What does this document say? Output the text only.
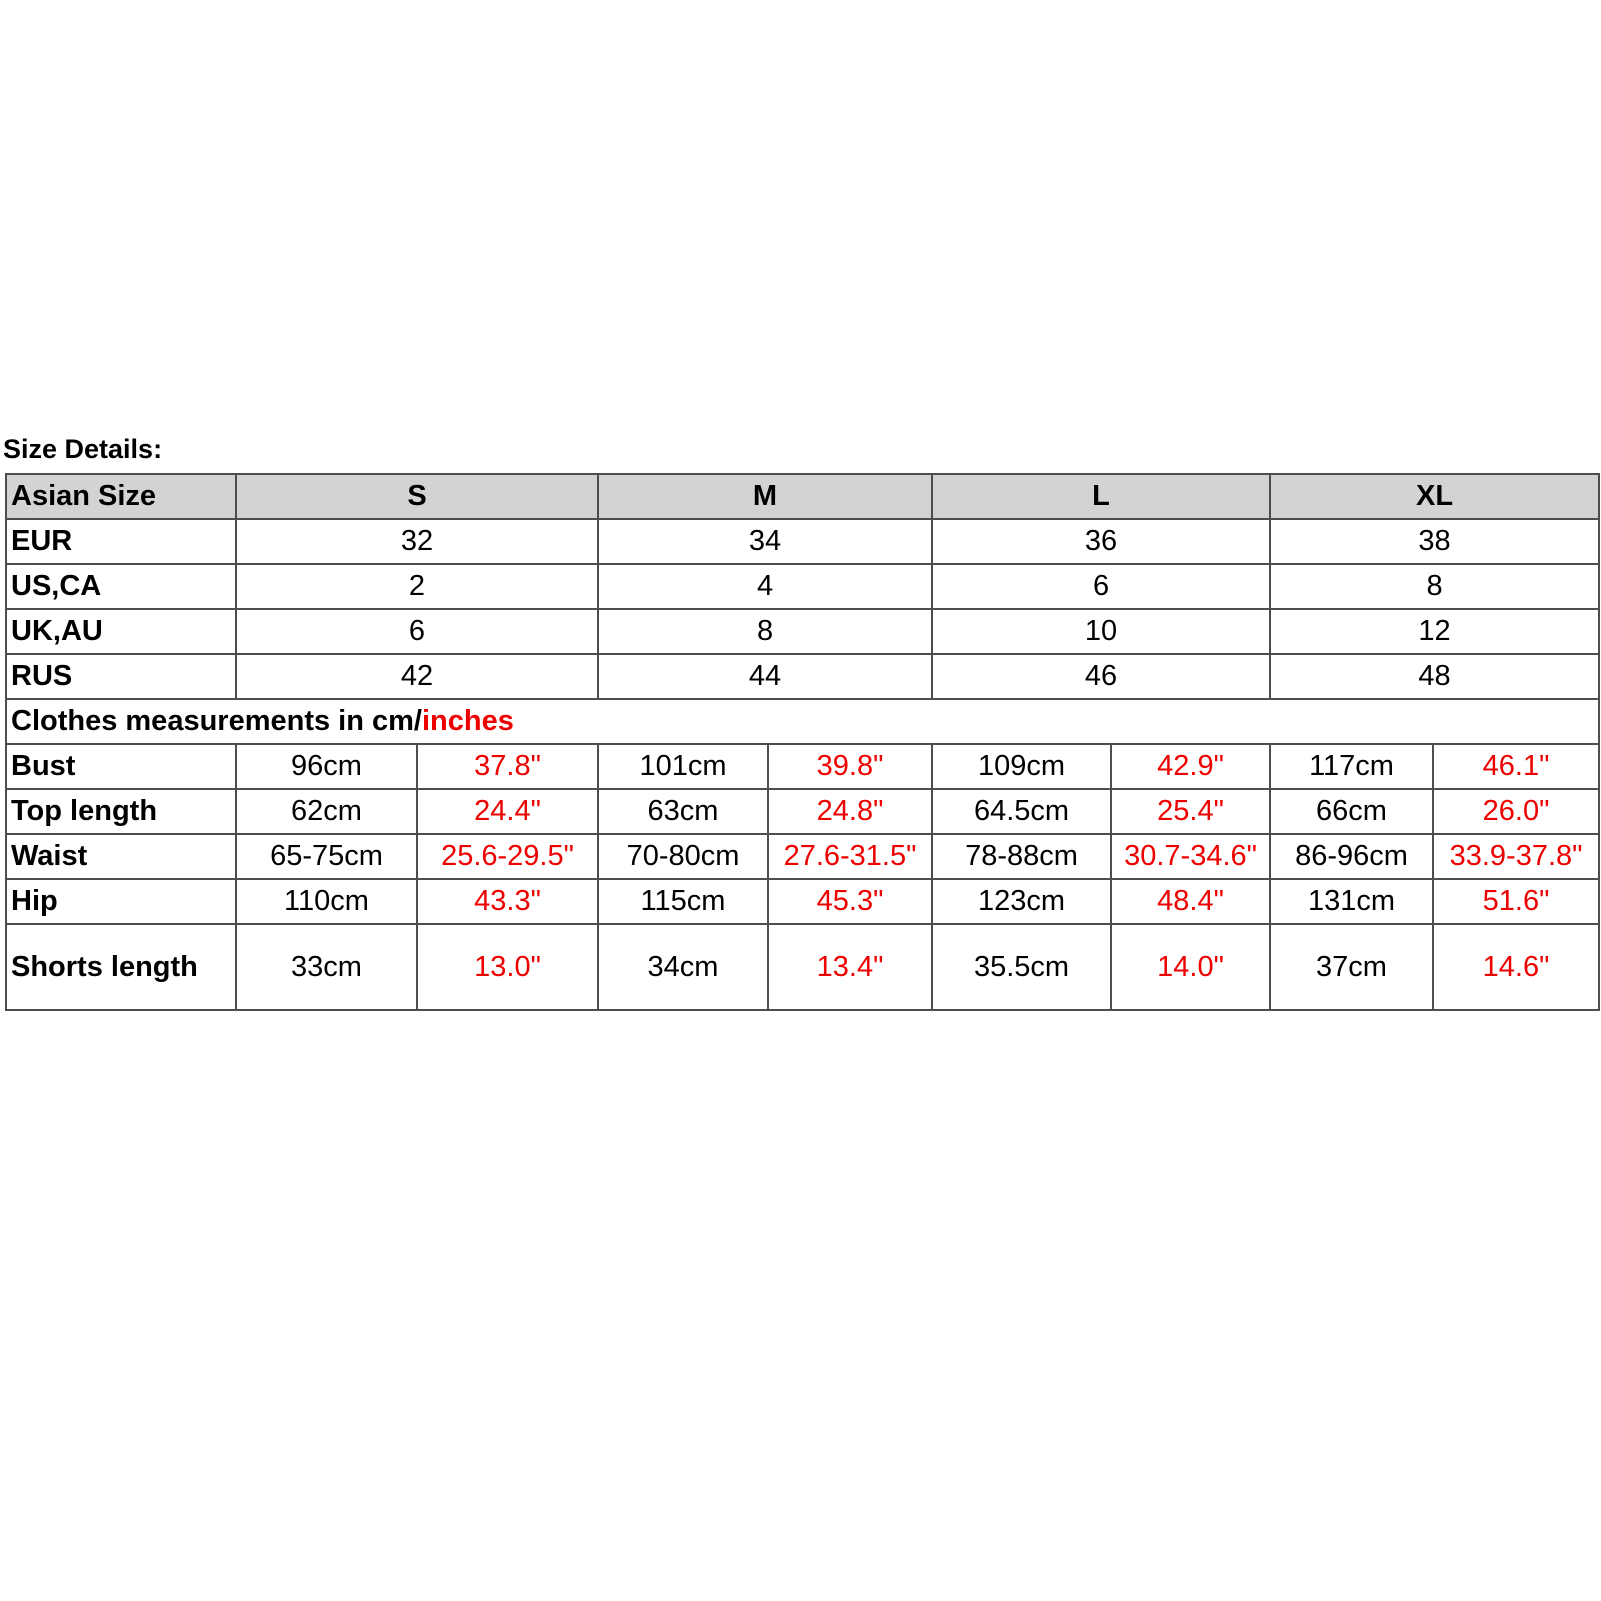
Size Details:
Asian Size	S		M		L		XL	
EUR	32		34		36		38	
US,CA	2		4		6		8	
UK,AU	6		8		10		12	
RUS	42		44		46		48	
Clothes measurements in cm/inches								
Bust	96cm	37.8"	101cm	39.8"	109cm	42.9"	117cm	46.1"
Top length	62cm	24.4"	63cm	24.8"	64.5cm	25.4"	66cm	26.0"
Waist	65-75cm	25.6-29.5"	70-80cm	27.6-31.5"	78-88cm	30.7-34.6"	86-96cm	33.9-37.8"
Hip	110cm	43.3"	115cm	45.3"	123cm	48.4"	131cm	51.6"
Shorts length	33cm	13.0"	34cm	13.4"	35.5cm	14.0"	37cm	14.6"
